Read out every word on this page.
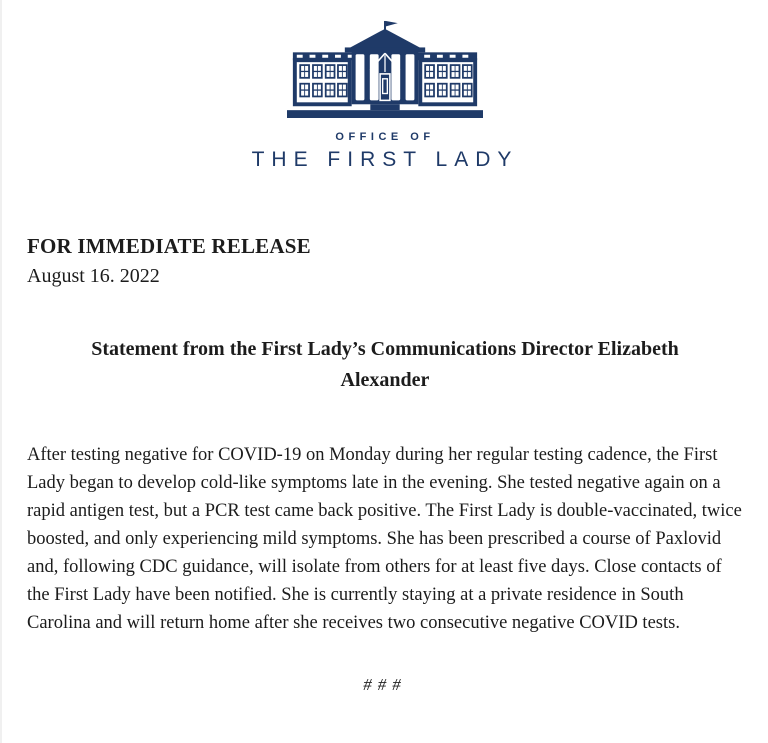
OFFICE OF
THE FIRST LADY
FOR IMMEDIATE RELEASE
August 16. 2022
Statement from the First Lady’s Communications Director Elizabeth
Alexander

After testing negative for COVID-19 on Monday during her regular testing cadence, the First Lady began to develop cold-like symptoms late in the evening. She tested negative again on a rapid antigen test, but a PCR test came back positive. The First Lady is double-vaccinated, twice boosted, and only experiencing mild symptoms. She has been prescribed a course of Paxlovid and, following CDC guidance, will isolate from others for at least five days. Close contacts of the First Lady have been notified. She is currently staying at a private residence in South Carolina and will return home after she receives two consecutive negative COVID tests.

###
